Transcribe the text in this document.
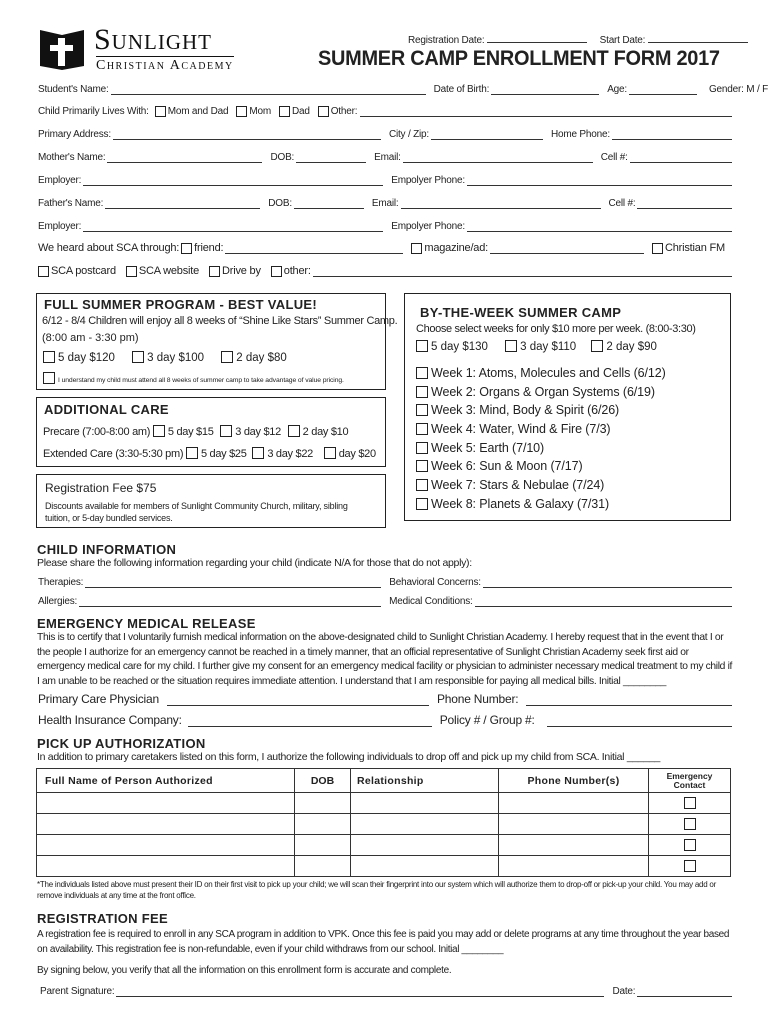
Sunlight
Christian Academy
Registration Date:	Start Date:
SUMMER CAMP ENROLLMENT FORM 2017
Student's Name:	Date of Birth:	Age:	Gender: M / F
Child Primarily Lives With: Mom and Dad Mom Dad Other:
Primary Address:	City / Zip:	Home Phone:
Mother's Name:	DOB:	Email:	Cell #:
Employer:	Empolyer Phone:
Father's Name:	DOB:	Email:	Cell #:
Employer:	Empolyer Phone:
We heard about SCA through: friend:	magazine/ad:	Christian FM
SCA postcard SCA website Drive by other:
FULL SUMMER PROGRAM - BEST VALUE!
6/12 - 8/4 Children will enjoy all 8 weeks of “Shine Like Stars” Summer Camp.
(8:00 am - 3:30 pm)
5 day $120	3 day $100	2 day $80
I understand my child must attend all 8 weeks of summer camp to take advantage of value pricing.
ADDITIONAL CARE
Precare (7:00-8:00 am) 5 day $15 3 day $12 2 day $10
Extended Care (3:30-5:30 pm) 5 day $25 3 day $22 day $20
Registration Fee $75
Discounts available for members of Sunlight Community Church, military, sibling tuition, or 5-day bundled services.
BY-THE-WEEK SUMMER CAMP
Choose select weeks for only $10 more per week. (8:00-3:30)
5 day $130	3 day $110	2 day $90
Week 1: Atoms, Molecules and Cells (6/12)
Week 2: Organs & Organ Systems (6/19)
Week 3: Mind, Body & Spirit (6/26)
Week 4: Water, Wind & Fire (7/3)
Week 5: Earth (7/10)
Week 6: Sun & Moon (7/17)
Week 7: Stars & Nebulae (7/24)
Week 8: Planets & Galaxy (7/31)
CHILD INFORMATION
Please share the following information regarding your child (indicate N/A for those that do not apply):
Therapies:	Behavioral Concerns:
Allergies:	Medical Conditions:
EMERGENCY MEDICAL RELEASE
This is to certify that I voluntarily furnish medical information on the above-designated child to Sunlight Christian Academy. I hereby request that in the event that I or the people I authorize for an emergency cannot be reached in a timely manner, that an official representative of Sunlight Christian Academy seek first aid or emergency medical care for my child. I further give my consent for an emergency medical facility or physician to administer necessary medical treatment to my child if I am unable to be reached or the situation requires immediate attention. I understand that I am responsible for paying all medical bills. Initial ________
Primary Care Physician	Phone Number:
Health Insurance Company:	Policy # / Group #:
PICK UP AUTHORIZATION
In addition to primary caretakers listed on this form, I authorize the following individuals to drop off and pick up my child from SCA. Initial ______
Full Name of Person Authorized	DOB	Relationship	Phone Number(s)	Emergency Contact

*The individuals listed above must present their ID on their first visit to pick up your child; we will scan their fingerprint into our system which will authorize them to drop-off or pick-up your child. You may add or remove individuals at any time at the front office.
REGISTRATION FEE
A registration fee is required to enroll in any SCA program in addition to VPK. Once this fee is paid you may add or delete programs at any time throughout the year based on availability. This registration fee is non-refundable, even if your child withdraws from our school. Initial ________
By signing below, you verify that all the information on this enrollment form is accurate and complete.
Parent Signature:	Date:
